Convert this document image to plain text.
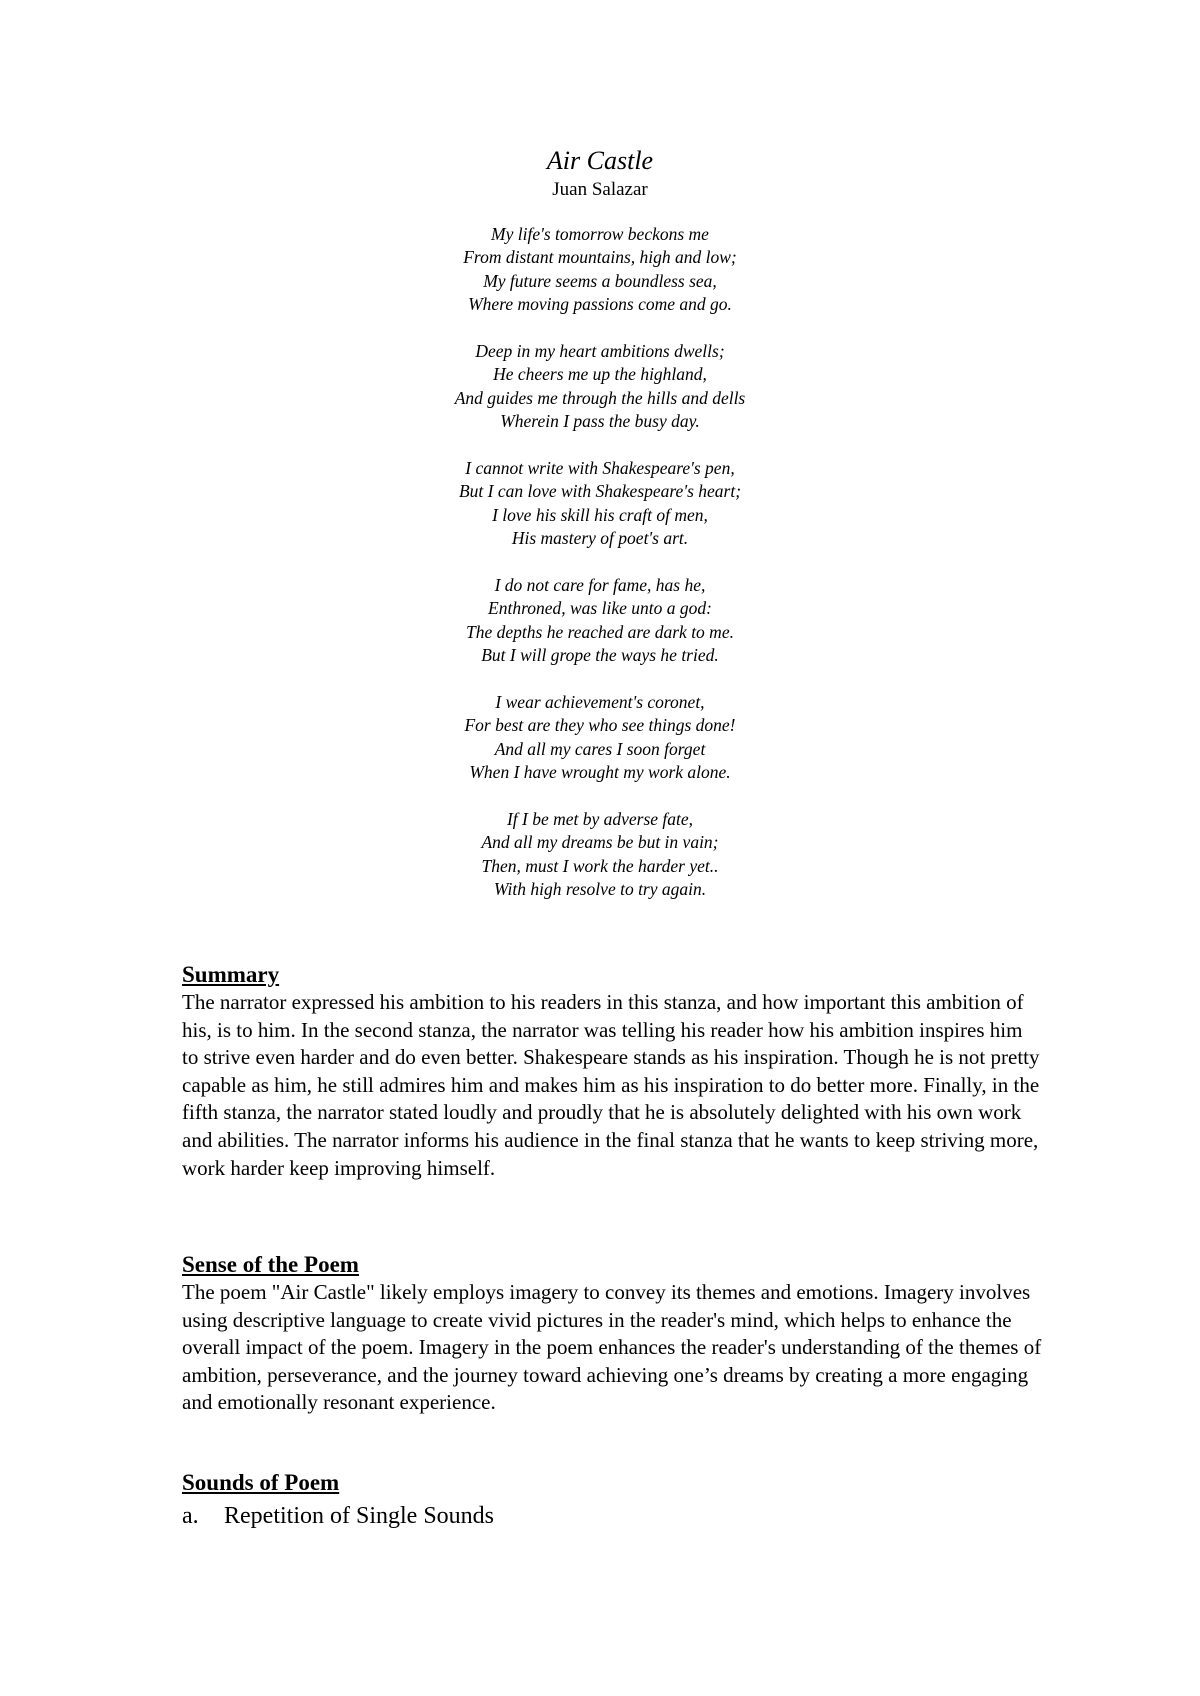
Air Castle

Juan Salazar

My life's tomorrow beckons me
From distant mountains, high and low;
My future seems a boundless sea,
Where moving passions come and go.

Deep in my heart ambitions dwells;
He cheers me up the highland,
And guides me through the hills and dells
Wherein I pass the busy day.

I cannot write with Shakespeare's pen,
But I can love with Shakespeare's heart;
I love his skill his craft of men,
His mastery of poet's art.

I do not care for fame, has he,
Enthroned, was like unto a god:
The depths he reached are dark to me.
But I will grope the ways he tried.

I wear achievement's coronet,
For best are they who see things done!
And all my cares I soon forget
When I have wrought my work alone.

If I be met by adverse fate,
And all my dreams be but in vain;
Then, must I work the harder yet..
With high resolve to try again.

Summary

The narrator expressed his ambition to his readers in this stanza, and how important this ambition of his, is to him. In the second stanza, the narrator was telling his reader how his ambition inspires him to strive even harder and do even better. Shakespeare stands as his inspiration. Though he is not pretty capable as him, he still admires him and makes him as his inspiration to do better more. Finally, in the fifth stanza, the narrator stated loudly and proudly that he is absolutely delighted with his own work and abilities. The narrator informs his audience in the final stanza that he wants to keep striving more, work harder keep improving himself.

Sense of the Poem

The poem "Air Castle" likely employs imagery to convey its themes and emotions. Imagery involves using descriptive language to create vivid pictures in the reader's mind, which helps to enhance the overall impact of the poem. Imagery in the poem enhances the reader's understanding of the themes of ambition, perseverance, and the journey toward achieving one’s dreams by creating a more engaging and emotionally resonant experience.

Sounds of Poem

a. Repetition of Single Sounds
